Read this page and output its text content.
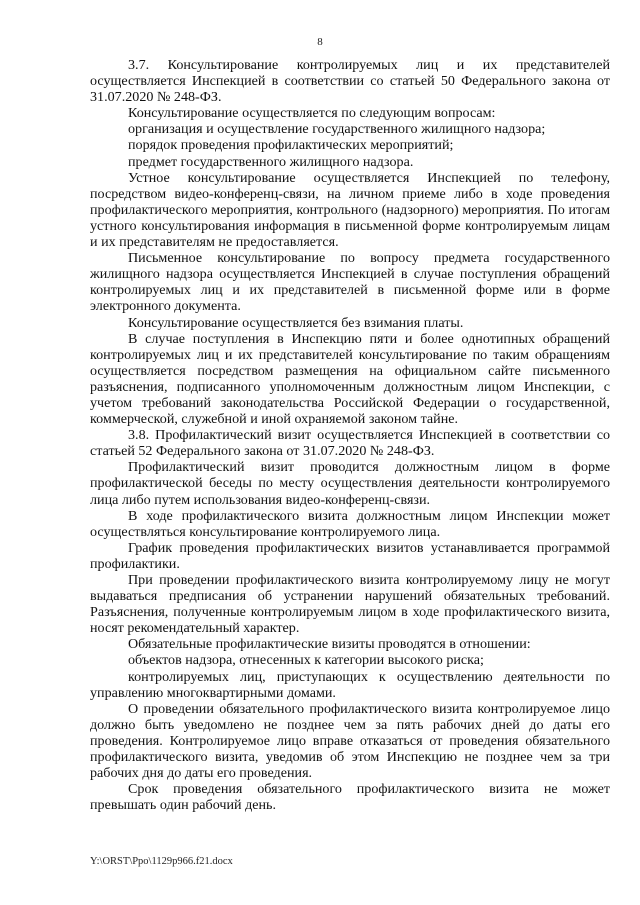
8

3.7. Консультирование контролируемых лиц и их представителей осуществляется Инспекцией в соответствии со статьей 50 Федерального закона от 31.07.2020 № 248-ФЗ.

Консультирование осуществляется по следующим вопросам:

организация и осуществление государственного жилищного надзора;

порядок проведения профилактических мероприятий;

предмет государственного жилищного надзора.

Устное консультирование осуществляется Инспекцией по телефону, посредством видео-конференц-связи, на личном приеме либо в ходе проведения профилактического мероприятия, контрольного (надзорного) мероприятия. По итогам устного консультирования информация в письменной форме контролируемым лицам и их представителям не предоставляется.

Письменное консультирование по вопросу предмета государственного жилищного надзора осуществляется Инспекцией в случае поступления обращений контролируемых лиц и их представителей в письменной форме или в форме электронного документа.

Консультирование осуществляется без взимания платы.

В случае поступления в Инспекцию пяти и более однотипных обращений контролируемых лиц и их представителей консультирование по таким обращениям осуществляется посредством размещения на официальном сайте письменного разъяснения, подписанного уполномоченным должностным лицом Инспекции, с учетом требований законодательства Российской Федерации о государственной, коммерческой, служебной и иной охраняемой законом тайне.

3.8. Профилактический визит осуществляется Инспекцией в соответствии со статьей 52 Федерального закона от 31.07.2020 № 248-ФЗ.

Профилактический визит проводится должностным лицом в форме профилактической беседы по месту осуществления деятельности контролируемого лица либо путем использования видео-конференц-связи.

В ходе профилактического визита должностным лицом Инспекции может осуществляться консультирование контролируемого лица.

График проведения профилактических визитов устанавливается программой профилактики.

При проведении профилактического визита контролируемому лицу не могут выдаваться предписания об устранении нарушений обязательных требований. Разъяснения, полученные контролируемым лицом в ходе профилактического визита, носят рекомендательный характер.

Обязательные профилактические визиты проводятся в отношении:

объектов надзора, отнесенных к категории высокого риска;

контролируемых лиц, приступающих к осуществлению деятельности по управлению многоквартирными домами.

О проведении обязательного профилактического визита контролируемое лицо должно быть уведомлено не позднее чем за пять рабочих дней до даты его проведения. Контролируемое лицо вправе отказаться от проведения обязательного профилактического визита, уведомив об этом Инспекцию не позднее чем за три рабочих дня до даты его проведения.

Срок проведения обязательного профилактического визита не может превышать один рабочий день.

Y:\ORST\Ppo\1129p966.f21.docx
